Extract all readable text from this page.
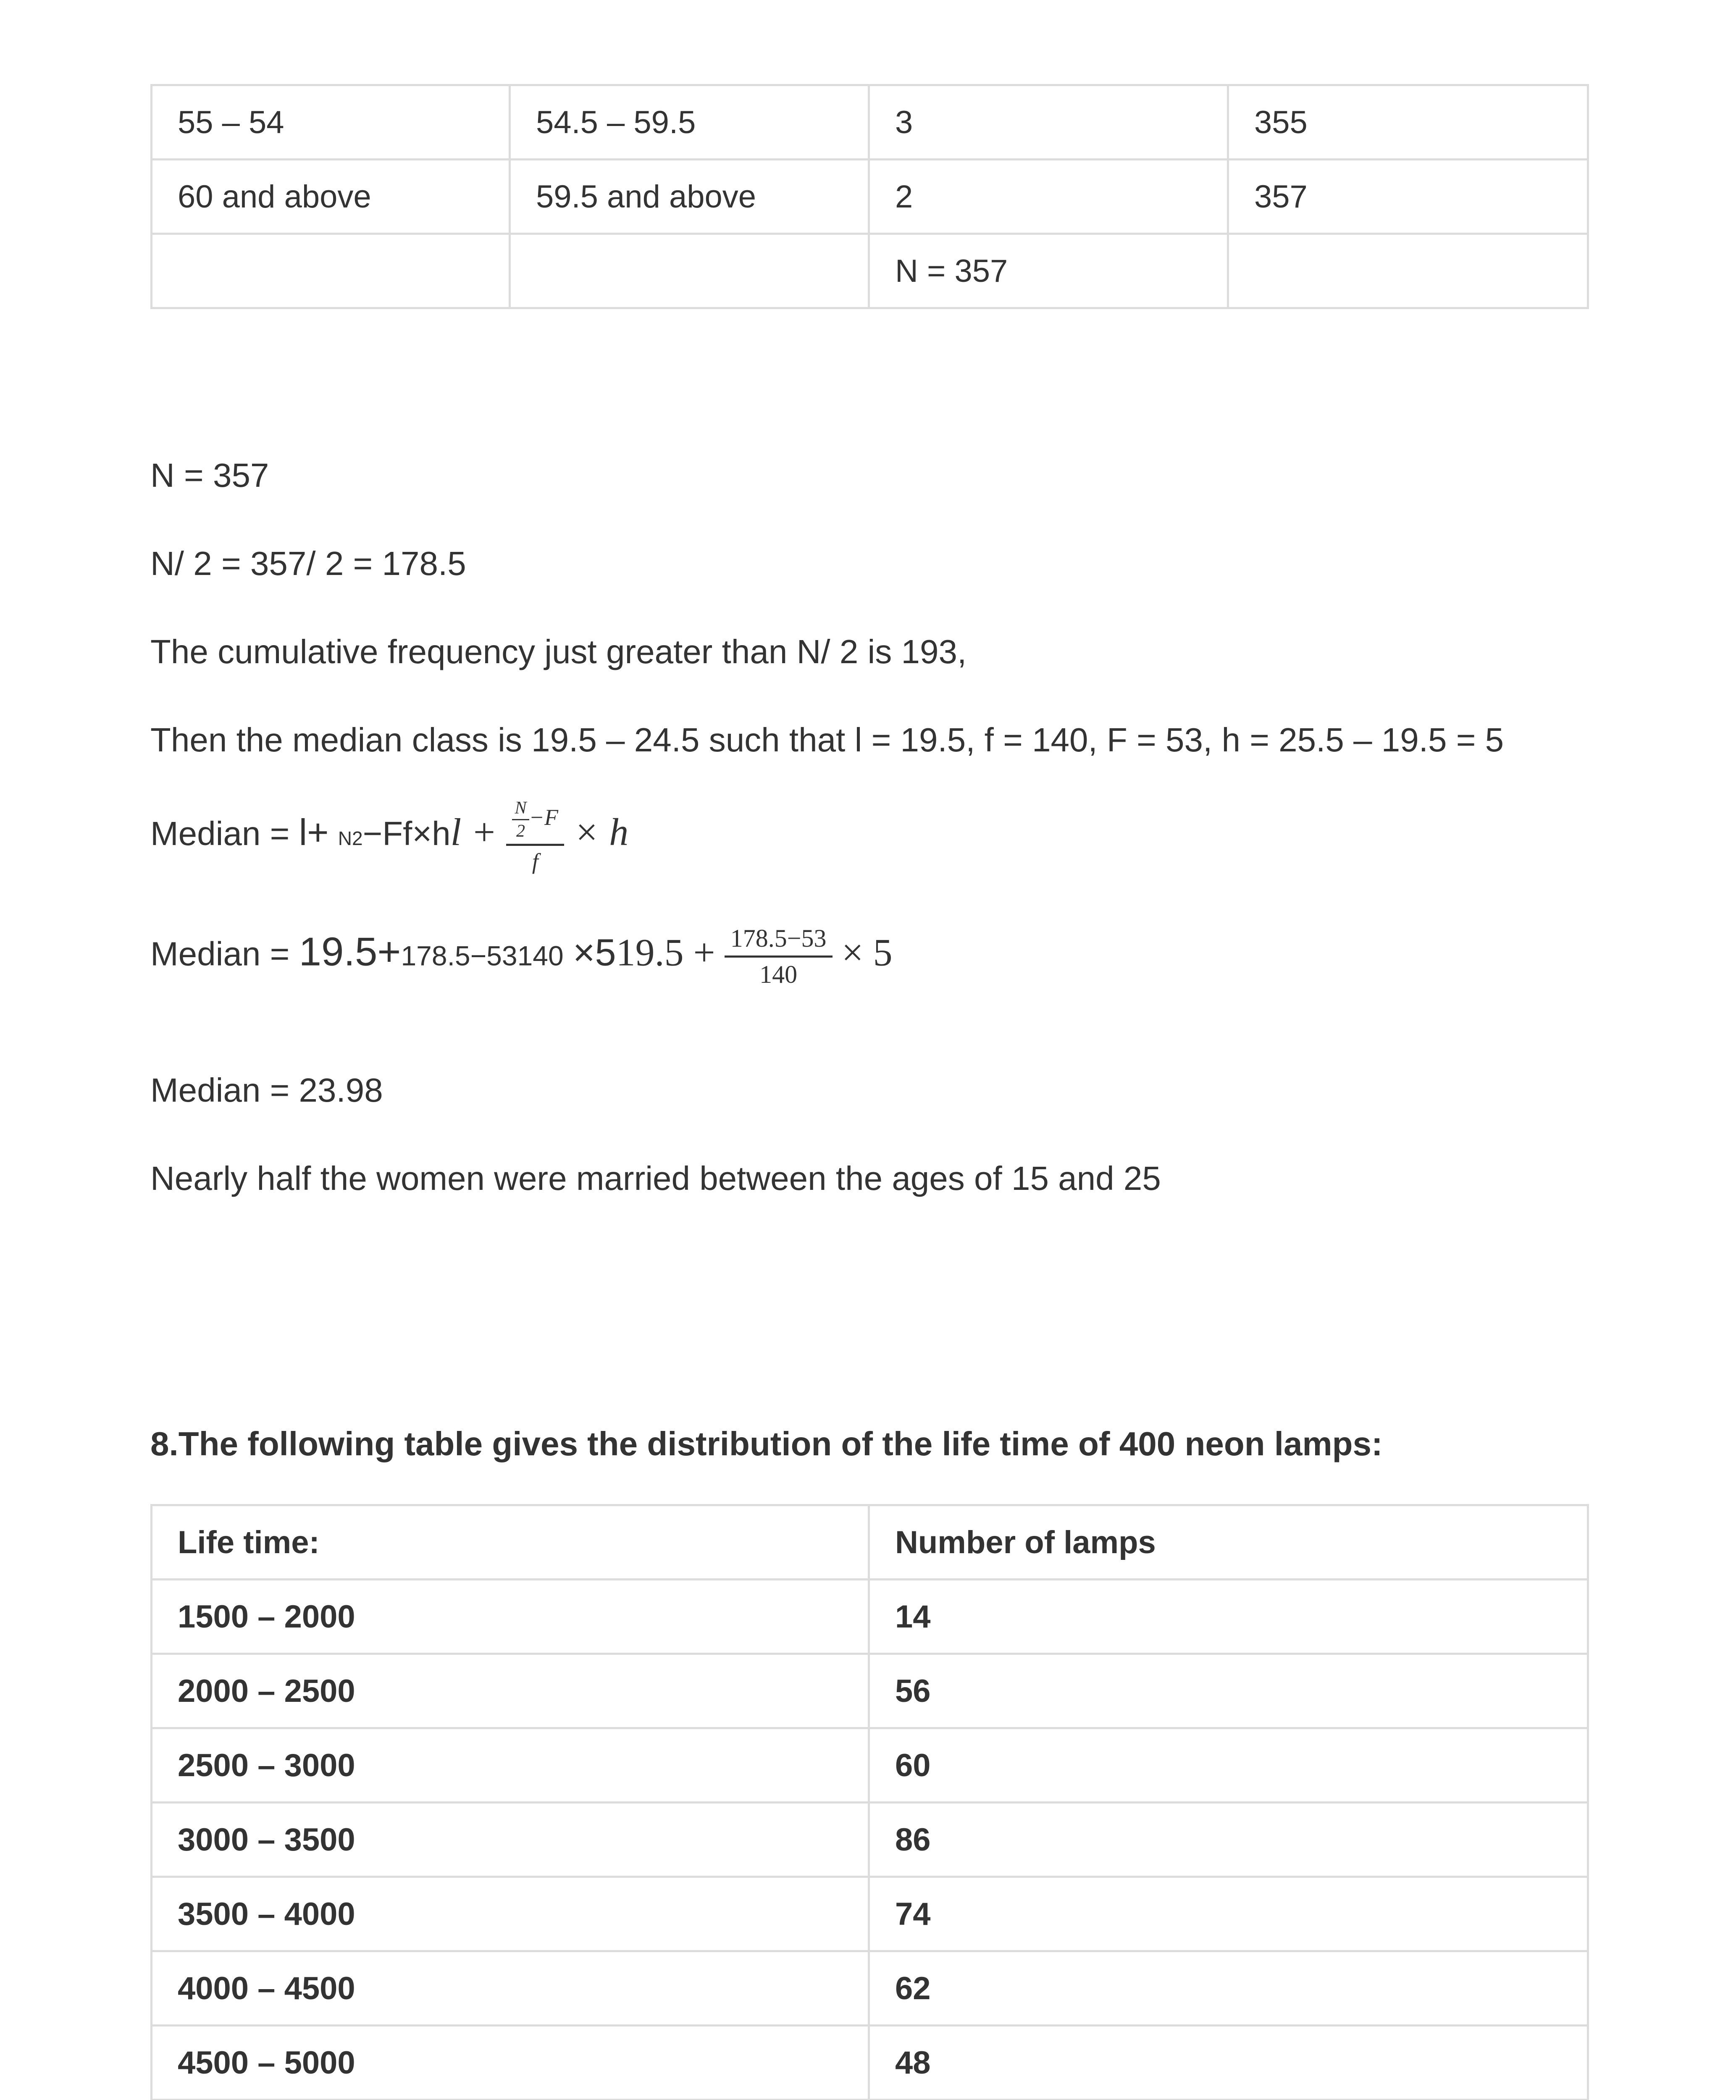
55 – 54	54.5 – 59.5	3	355
60 and above	59.5 and above	2	357
		N = 357	
N = 357
N/ 2 = 357/ 2 = 178.5
The cumulative frequency just greater than N/ 2 is 193,
Then the median class is 19.5 – 24.5 such that l = 19.5, f = 140, F = 53, h = 25.5 – 19.5 = 5
Median = $l+ N2-Ff\times hl + \frac{\frac{N}{2} -F}{f} \times h$
Median = $19.5+178.5-53140 \times 519.5 + \frac{178.5-53}{140} \times 5$
Median = 23.98
Nearly half the women were married between the ages of 15 and 25
8.The following table gives the distribution of the life time of 400 neon lamps:
Life time:	Number of lamps
1500 – 2000	14
2000 – 2500	56
2500 – 3000	60
3000 – 3500	86
3500 – 4000	74
4000 – 4500	62
4500 – 5000	48
